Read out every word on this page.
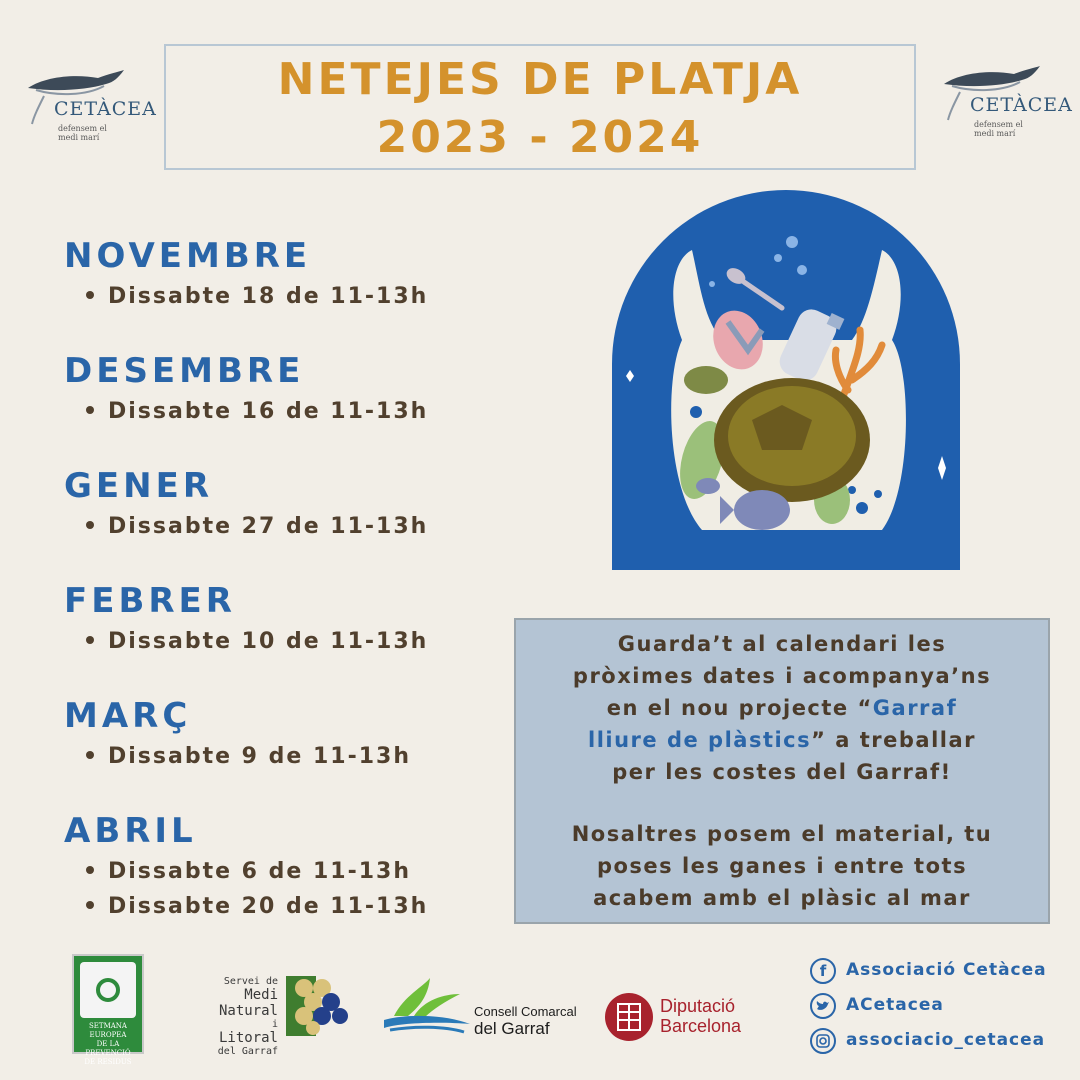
CETÀCEA
defensem el medi marí
CETÀCEA
defensem el medi marí
NETEJES DE PLATJA
2023 - 2024
NOVEMBRE
Dissabte 18 de 11-13h
DESEMBRE
Dissabte 16 de 11-13h
GENER
Dissabte 27 de 11-13h
FEBRER
Dissabte 10 de 11-13h
MARÇ
Dissabte 9 de 11-13h
ABRIL
Dissabte 6 de 11-13h
Dissabte 20 de 11-13h
Guarda’t al calendari les
pròximes dates i acompanya’ns
en el nou projecte “Garraf
lliure de plàstics” a treballar
per les costes del Garraf!
Nosaltres posem el material, tu
poses les ganes i entre tots
acabem amb el plàsic al mar
SETMANA EUROPEA
DE LA PREVENCIÓ
DE RESIDUS
Servei de
Medi Natural
i
Litoral
del Garraf
Consell Comarcal
del Garraf
Diputació
Barcelona
f	Associació Cetàcea
ACetacea
associacio_cetacea
